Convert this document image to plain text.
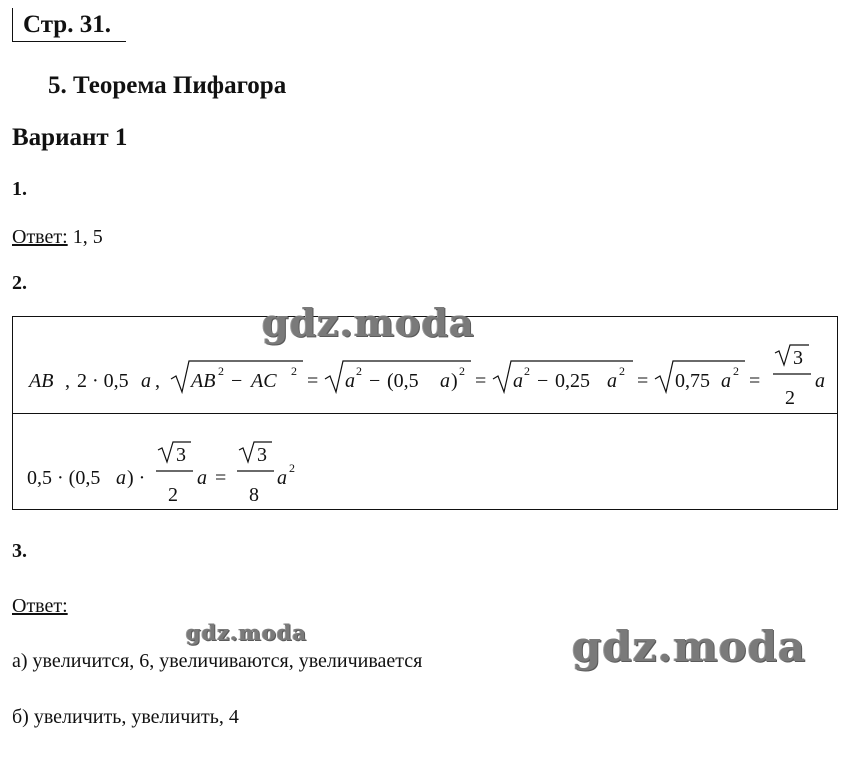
Стр. 31.
5. Теорема Пифагора
Вариант 1
1.
Ответ: 1, 5
2.
AB , 2 · 0,5 a , AB 2 − AC 2 = a 2 − (0,5 a ) 2 = a 2 − 0,25 a 2 = 0,75 a 2 =
3
2
a
0,5 · (0,5 a ) ·
3
2
a =
3
8
a 2
gdz.moda
3.
Ответ:
gdz.moda	gdz.moda
а) увеличится, 6, увеличиваются, увеличивается
б) увеличить, увеличить, 4
